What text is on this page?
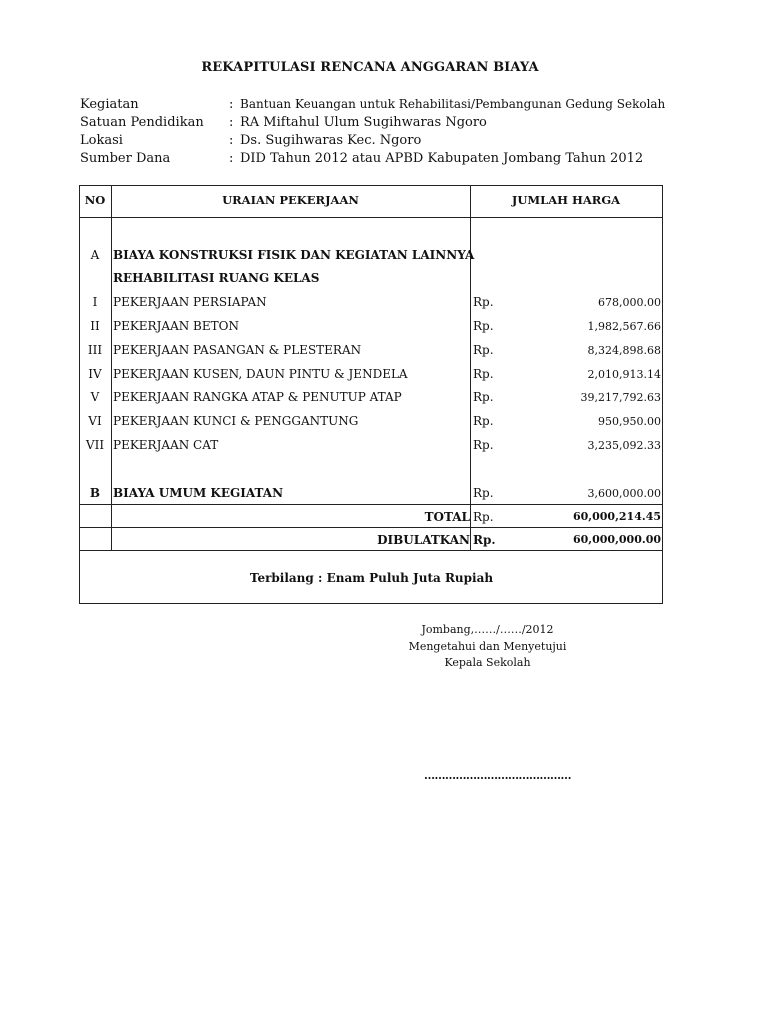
REKAPITULASI RENCANA ANGGARAN BIAYA
Kegiatan	: Bantuan Keuangan untuk Rehabilitasi/Pembangunan Gedung Sekolah
Satuan Pendidikan : RA Miftahul Ulum Sugihwaras Ngoro
Lokasi	: Ds. Sugihwaras Kec. Ngoro
Sumber Dana	: DID Tahun 2012 atau APBD Kabupaten Jombang Tahun 2012
NO	URAIAN PEKERJAAN	JUMLAH HARGA
A	BIAYA KONSTRUKSI FISIK DAN KEGIATAN LAINNYA
REHABILITASI RUANG KELAS
I	PEKERJAAN PERSIAPAN	Rp.	678,000.00
II	PEKERJAAN BETON	Rp.	1,982,567.66
III PEKERJAAN PASANGAN & PLESTERAN	Rp.	8,324,898.68
IV PEKERJAAN KUSEN, DAUN PINTU & JENDELA	Rp.	2,010,913.14
V	PEKERJAAN RANGKA ATAP & PENUTUP ATAP	Rp.	39,217,792.63
VI PEKERJAAN KUNCI & PENGGANTUNG	Rp.	950,950.00
VII PEKERJAAN CAT	Rp.	3,235,092.33
B	BIAYA UMUM KEGIATAN	Rp.	3,600,000.00
TOTAL Rp.	60,000,214.45
DIBULATKAN Rp.	60,000,000.00
Terbilang : Enam Puluh Juta Rupiah
Jombang,……/……/2012
Mengetahui dan Menyetujui
Kepala Sekolah
……………………………………
